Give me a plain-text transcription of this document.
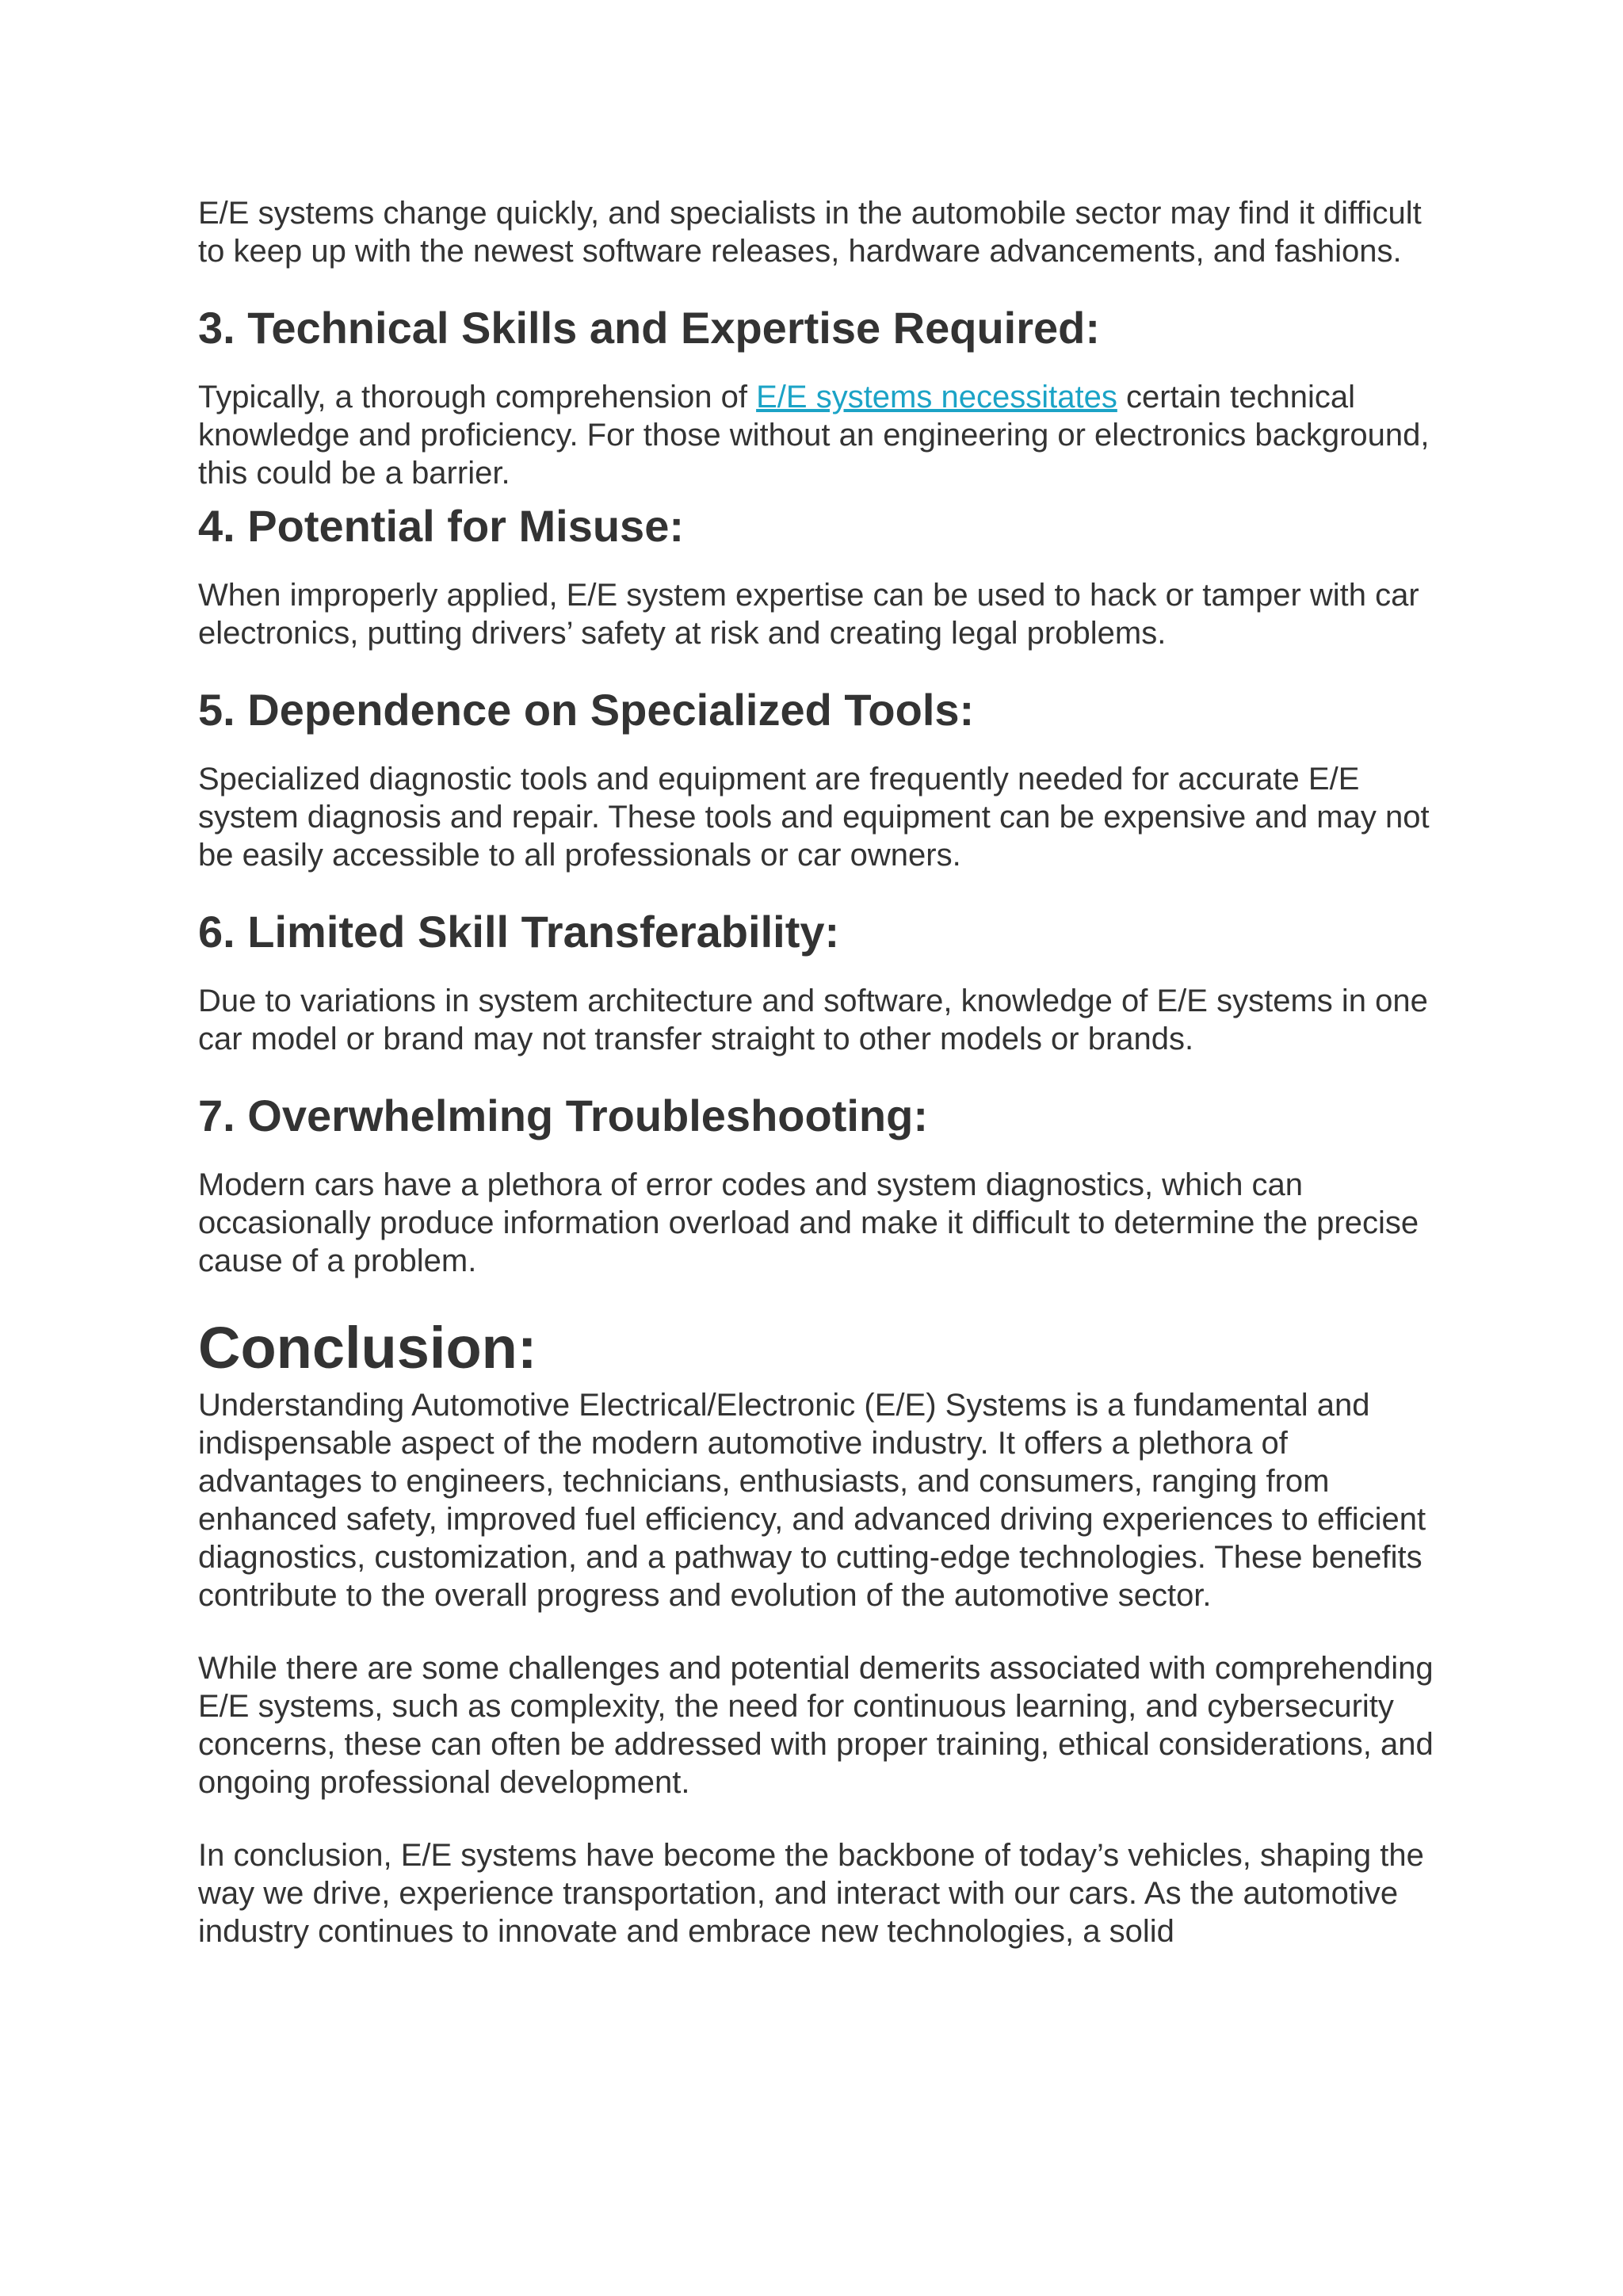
E/E systems change quickly, and specialists in the automobile sector may find it difficult to keep up with the newest software releases, hardware advancements, and fashions.

3. Technical Skills and Expertise Required:

Typically, a thorough comprehension of E/E systems necessitates certain technical knowledge and proficiency. For those without an engineering or electronics background, this could be a barrier.

4. Potential for Misuse:

When improperly applied, E/E system expertise can be used to hack or tamper with car electronics, putting drivers’ safety at risk and creating legal problems.

5. Dependence on Specialized Tools:

Specialized diagnostic tools and equipment are frequently needed for accurate E/E system diagnosis and repair. These tools and equipment can be expensive and may not be easily accessible to all professionals or car owners.

6. Limited Skill Transferability:

Due to variations in system architecture and software, knowledge of E/E systems in one car model or brand may not transfer straight to other models or brands.

7. Overwhelming Troubleshooting:

Modern cars have a plethora of error codes and system diagnostics, which can occasionally produce information overload and make it difficult to determine the precise cause of a problem.

Conclusion:

Understanding Automotive Electrical/Electronic (E/E) Systems is a fundamental and indispensable aspect of the modern automotive industry. It offers a plethora of advantages to engineers, technicians, enthusiasts, and consumers, ranging from enhanced safety, improved fuel efficiency, and advanced driving experiences to efficient diagnostics, customization, and a pathway to cutting-edge technologies. These benefits contribute to the overall progress and evolution of the automotive sector.

While there are some challenges and potential demerits associated with comprehending E/E systems, such as complexity, the need for continuous learning, and cybersecurity concerns, these can often be addressed with proper training, ethical considerations, and ongoing professional development.

In conclusion, E/E systems have become the backbone of today’s vehicles, shaping the way we drive, experience transportation, and interact with our cars. As the automotive industry continues to innovate and embrace new technologies, a solid
